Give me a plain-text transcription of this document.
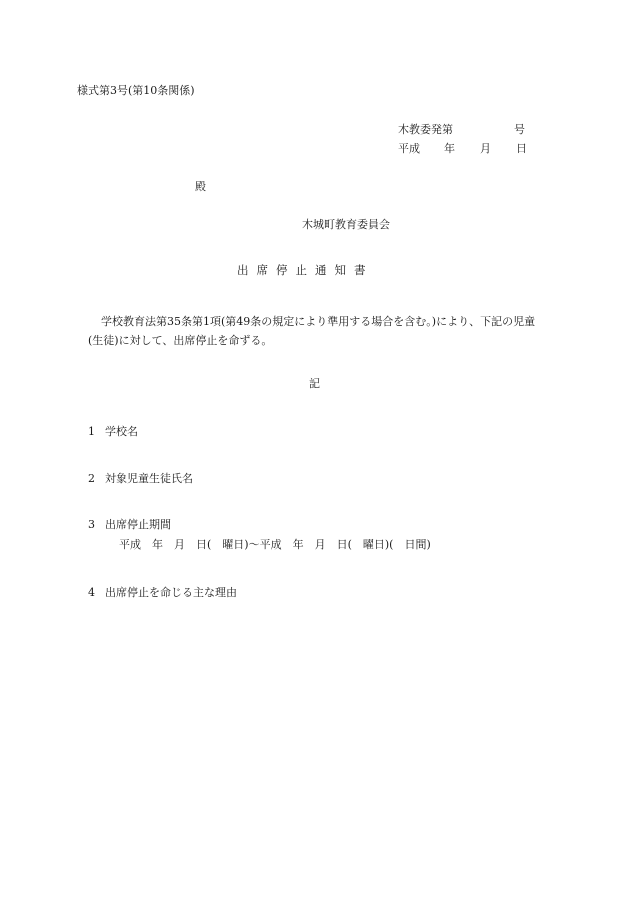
様式第3号(第10条関係)
木教委発第	号
平成 年 月 日
殿
木城町教育委員会
出席停止通知書
学校教育法第35条第1項(第49条の規定により準用する場合を含む。)により、下記の児童(生徒)に対して、出席停止を命ずる。
記
1 学校名
2 対象児童生徒氏名
3 出席停止期間
平成　年　月　日(　曜日)～平成　年　月　日(　曜日)(　日間)
4 出席停止を命じる主な理由
